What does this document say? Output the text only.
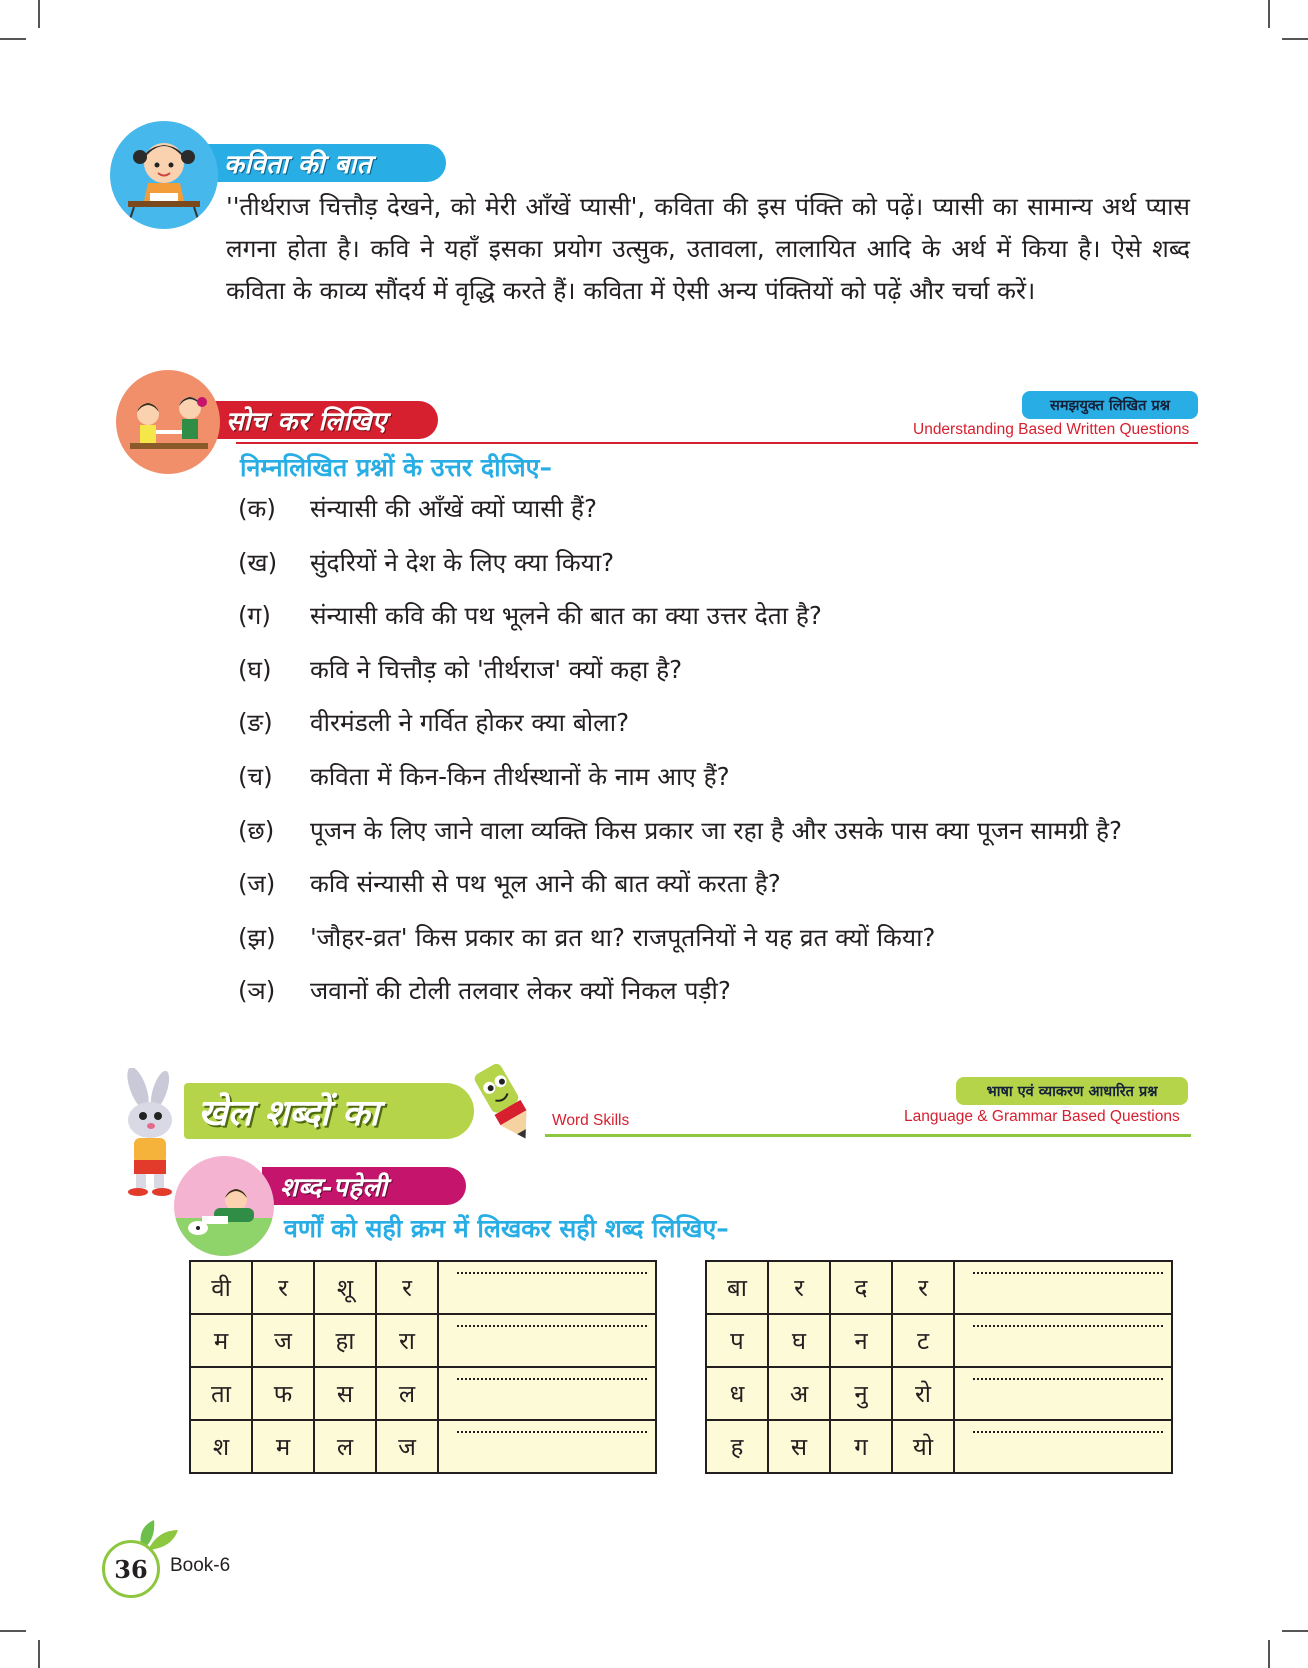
कविता की बात

''तीर्थराज चित्तौड़ देखने, को मेरी आँखें प्यासी', कविता की इस पंक्ति को पढ़ें। प्यासी का सामान्य अर्थ प्यास लगना होता है। कवि ने यहाँ इसका प्रयोग उत्सुक, उतावला, लालायित आदि के अर्थ में किया है। ऐसे शब्द कविता के काव्य सौंदर्य में वृद्धि करते हैं। कविता में ऐसी अन्य पंक्तियों को पढ़ें और चर्चा करें।

सोच कर लिखिए
समझयुक्त लिखित प्रश्न
Understanding Based Written Questions
निम्नलिखित प्रश्नों के उत्तर दीजिए–
(क)	संन्यासी की आँखें क्यों प्यासी हैं?
(ख)	सुंदरियों ने देश के लिए क्या किया?
(ग)	संन्यासी कवि की पथ भूलने की बात का क्या उत्तर देता है?
(घ)	कवि ने चित्तौड़ को 'तीर्थराज' क्यों कहा है?
(ङ)	वीरमंडली ने गर्वित होकर क्या बोला?
(च)	कविता में किन-किन तीर्थस्थानों के नाम आए हैं?
(छ)	पूजन के लिए जाने वाला व्यक्ति किस प्रकार जा रहा है और उसके पास क्या पूजन सामग्री है?
(ज)	कवि संन्यासी से पथ भूल आने की बात क्यों करता है?
(झ)	'जौहर-व्रत' किस प्रकार का व्रत था? राजपूतनियों ने यह व्रत क्यों किया?
(ञ)	जवानों की टोली तलवार लेकर क्यों निकल पड़ी?
खेल शब्दों का	Word Skills
भाषा एवं व्याकरण आधारित प्रश्न
Language & Grammar Based Questions
शब्द-पहेली
वर्णों को सही क्रम में लिखकर सही शब्द लिखिए–
वी	र	शू	र	

म	ज	हा	रा	

ता	फ	स	ल	

श	म	ल	ज	
बा	र	द	र	

प	घ	न	ट	

ध	अ	नु	रो	

ह	स	ग	यो	
36 Book-6
